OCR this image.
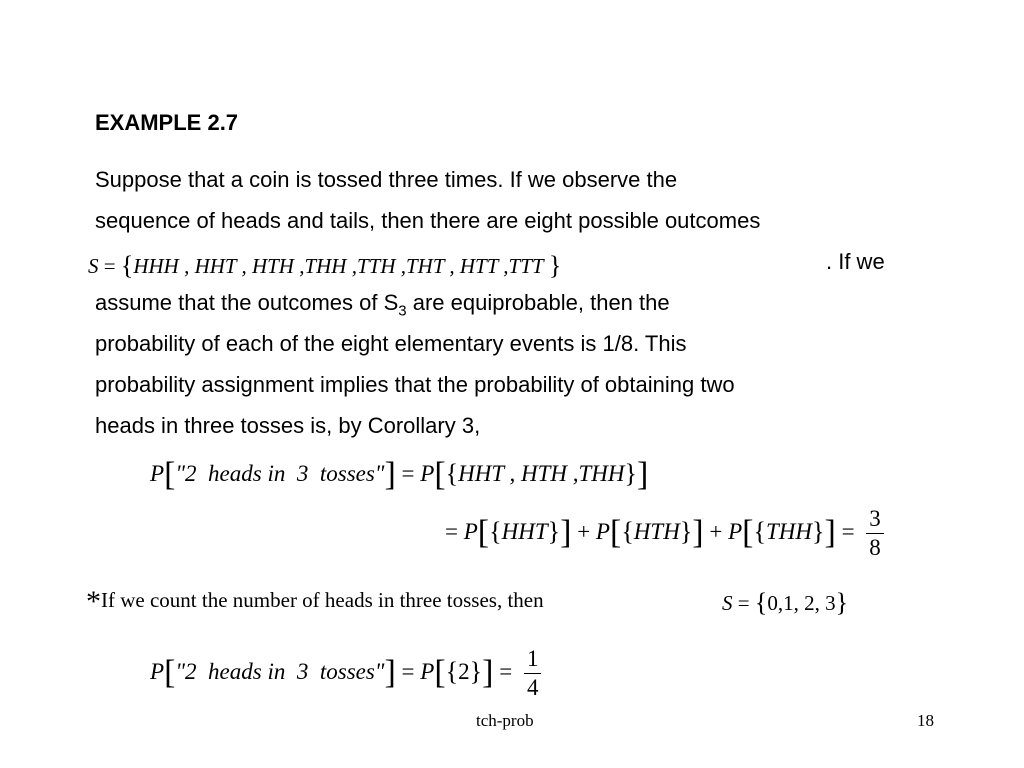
EXAMPLE 2.7
Suppose that a coin is tossed three times. If we observe the
sequence of heads and tails, then there are eight possible outcomes
S = {HHH , HHT , HTH ,THH ,TTH ,THT , HTT ,TTT }	. If we
assume that the outcomes of $S_3$ are equiprobable, then the
probability of each of the eight elementary events is 1/8. This
probability assignment implies that the probability of obtaining two
heads in three tosses is, by Corollary 3,
P["2  heads in  3  tosses"] = P[{HHT , HTH ,THH}]
= $P[\{HHT\}] + P[\{HTH\}] + P[\{THH\}] = \frac{3}{8}$
*If we count the number of heads in three tosses, then	S = {0,1, 2, 3}
P["2  heads in  3  tosses"] = $P[\{2\}] = \frac{1}{4}$
tch-prob	18
